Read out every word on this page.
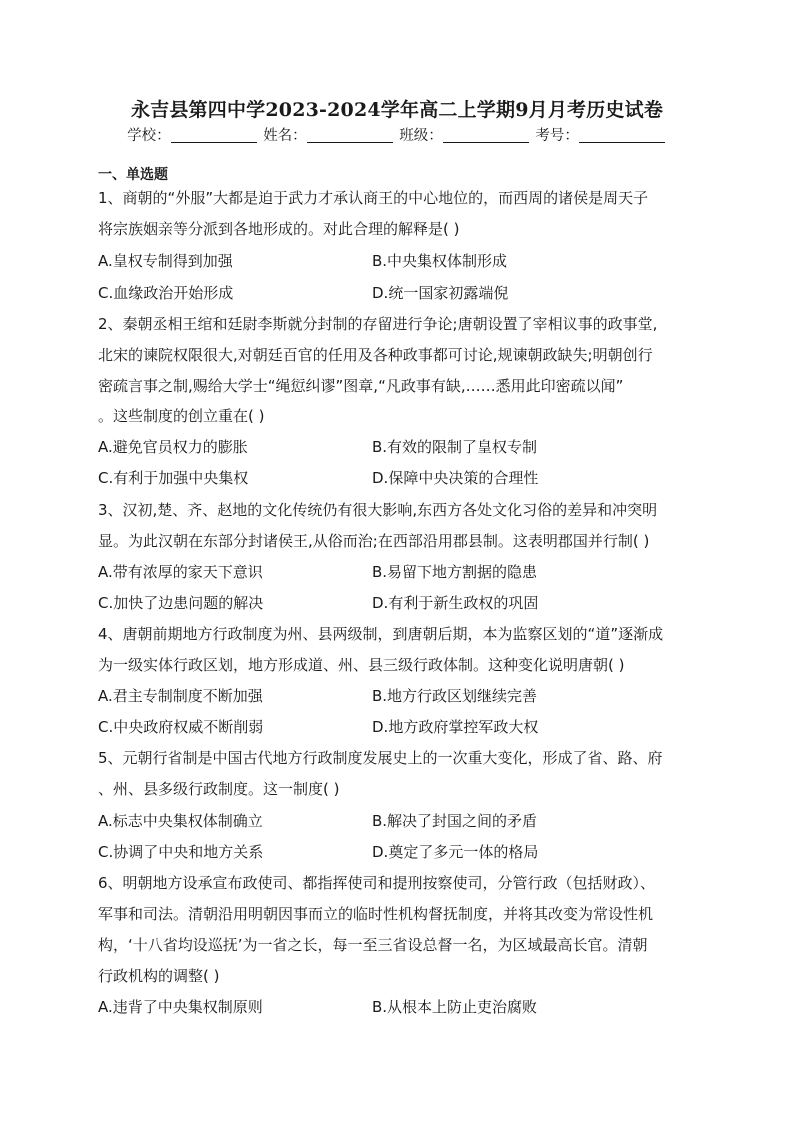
永吉县第四中学2023-2024学年高二上学期9月月考历史试卷
学校：	姓名：	班级：	考号：
一、单选题
1、商朝的“外服”大都是迫于武力才承认商王的中心地位的，而西周的诸侯是周天子
将宗族姻亲等分派到各地形成的。对此合理的解释是( )
A.皇权专制得到加强	B.中央集权体制形成
C.血缘政治开始形成	D.统一国家初露端倪
2、秦朝丞相王绾和廷尉李斯就分封制的存留进行争论;唐朝设置了宰相议事的政事堂,
北宋的谏院权限很大,对朝廷百官的任用及各种政事都可讨论,规谏朝政缺失;明朝创行
密疏言事之制,赐给大学士“绳愆纠谬”图章,“凡政事有缺,……悉用此印密疏以闻”
。这些制度的创立重在( )
A.避免官员权力的膨胀	B.有效的限制了皇权专制
C.有利于加强中央集权	D.保障中央决策的合理性
3、汉初,楚、齐、赵地的文化传统仍有很大影响,东西方各处文化习俗的差异和冲突明
显。为此汉朝在东部分封诸侯王,从俗而治;在西部沿用郡县制。这表明郡国并行制( )
A.带有浓厚的家天下意识	B.易留下地方割据的隐患
C.加快了边患问题的解决	D.有利于新生政权的巩固
4、唐朝前期地方行政制度为州、县两级制，到唐朝后期，本为监察区划的“道”逐渐成
为一级实体行政区划，地方形成道、州、县三级行政体制。这种变化说明唐朝( )
A.君主专制制度不断加强	B.地方行政区划继续完善
C.中央政府权威不断削弱	D.地方政府掌控军政大权
5、元朝行省制是中国古代地方行政制度发展史上的一次重大变化，形成了省、路、府
、州、县多级行政制度。这一制度( )
A.标志中央集权体制确立	B.解决了封国之间的矛盾
C.协调了中央和地方关系	D.奠定了多元一体的格局
6、明朝地方设承宣布政使司、都指挥使司和提刑按察使司，分管行政（包括财政）、
军事和司法。清朝沿用明朝因事而立的临时性机构督抚制度，并将其改变为常设性机
构，‘十八省均设巡抚’为一省之长，每一至三省设总督一名，为区域最高长官。清朝
行政机构的调整( )
A.违背了中央集权制原则	B.从根本上防止吏治腐败
